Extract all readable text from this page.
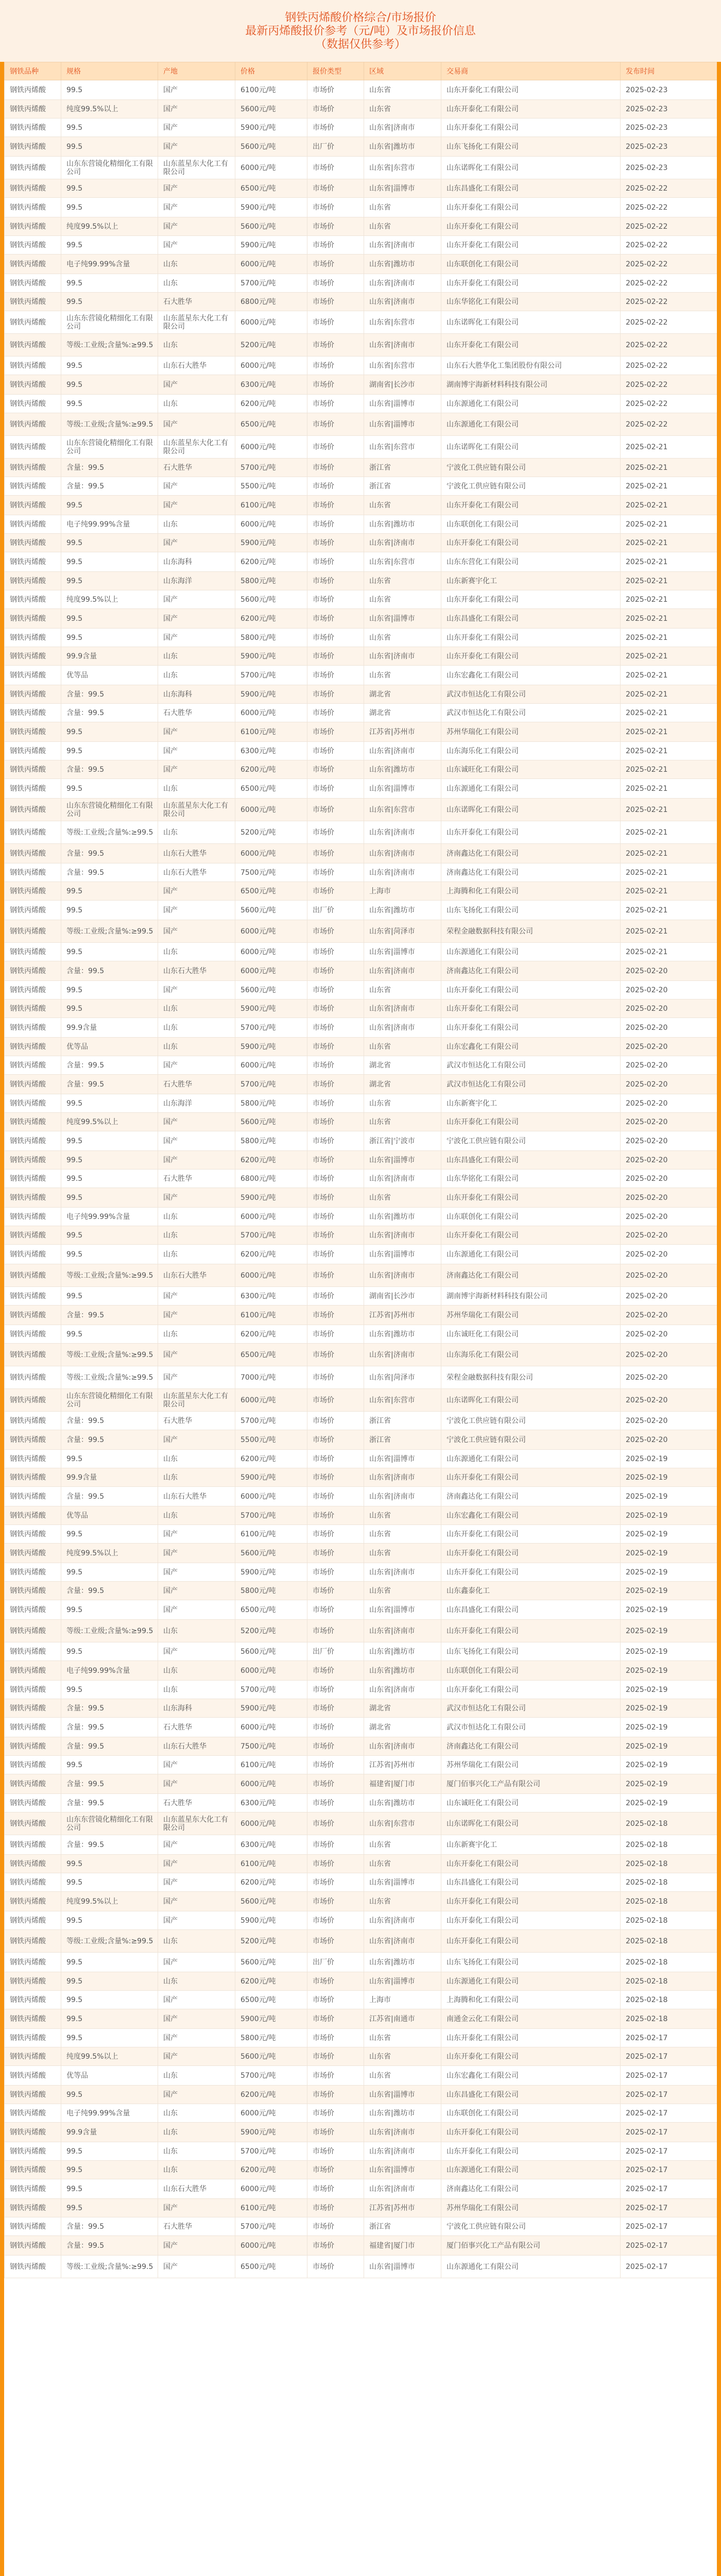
钢铁丙烯酸价格综合/市场报价
最新丙烯酸报价参考（元/吨）及市场报价信息
（数据仅供参考）
钢铁品种	规格	产地	价格	报价类型	区域	交易商	发布时间
钢铁丙烯酸	99.5	国产	6100元/吨	市场价	山东省	山东开泰化工有限公司	2025-02-23
钢铁丙烯酸	纯度99.5%以上	国产	5600元/吨	市场价	山东省	山东开泰化工有限公司	2025-02-23
钢铁丙烯酸	99.5	国产	5900元/吨	市场价	山东省|济南市	山东开泰化工有限公司	2025-02-23
钢铁丙烯酸	99.5	国产	5600元/吨	出厂价	山东省|潍坊市	山东飞扬化工有限公司	2025-02-23
钢铁丙烯酸	山东东营镜化精细化工有限公司	山东蓝星东大化工有限公司	6000元/吨	市场价	山东省|东营市	山东诺晖化工有限公司	2025-02-23
钢铁丙烯酸	99.5	国产	6500元/吨	市场价	山东省|淄博市	山东昌盛化工有限公司	2025-02-22
钢铁丙烯酸	99.5	国产	5900元/吨	市场价	山东省	山东开泰化工有限公司	2025-02-22
钢铁丙烯酸	纯度99.5%以上	国产	5600元/吨	市场价	山东省	山东开泰化工有限公司	2025-02-22
钢铁丙烯酸	99.5	国产	5900元/吨	市场价	山东省|济南市	山东开泰化工有限公司	2025-02-22
钢铁丙烯酸	电子纯99.99%含量	山东	6000元/吨	市场价	山东省|潍坊市	山东联创化工有限公司	2025-02-22
钢铁丙烯酸	99.5	山东	5700元/吨	市场价	山东省|济南市	山东开泰化工有限公司	2025-02-22
钢铁丙烯酸	99.5	石大胜华	6800元/吨	市场价	山东省|济南市	山东华铭化工有限公司	2025-02-22
钢铁丙烯酸	山东东营镜化精细化工有限公司	山东蓝星东大化工有限公司	6000元/吨	市场价	山东省|东营市	山东诺晖化工有限公司	2025-02-22
钢铁丙烯酸	等级:工业级;含量%:≥99.5	山东	5200元/吨	市场价	山东省|济南市	山东开泰化工有限公司	2025-02-22
钢铁丙烯酸	99.5	山东石大胜华	6000元/吨	市场价	山东省|东营市	山东石大胜华化工集团股份有限公司	2025-02-22
钢铁丙烯酸	99.5	国产	6300元/吨	市场价	湖南省|长沙市	湖南博宇海新材料科技有限公司	2025-02-22
钢铁丙烯酸	99.5	山东	6200元/吨	市场价	山东省|淄博市	山东源通化工有限公司	2025-02-22
钢铁丙烯酸	等级:工业级;含量%:≥99.5	国产	6500元/吨	市场价	山东省|淄博市	山东源通化工有限公司	2025-02-22
钢铁丙烯酸	山东东营镜化精细化工有限公司	山东蓝星东大化工有限公司	6000元/吨	市场价	山东省|东营市	山东诺晖化工有限公司	2025-02-21
钢铁丙烯酸	含量：99.5	石大胜华	5700元/吨	市场价	浙江省	宁波化工供应链有限公司	2025-02-21
钢铁丙烯酸	含量：99.5	国产	5500元/吨	市场价	浙江省	宁波化工供应链有限公司	2025-02-21
钢铁丙烯酸	99.5	国产	6100元/吨	市场价	山东省	山东开泰化工有限公司	2025-02-21
钢铁丙烯酸	电子纯99.99%含量	山东	6000元/吨	市场价	山东省|潍坊市	山东联创化工有限公司	2025-02-21
钢铁丙烯酸	99.5	国产	5900元/吨	市场价	山东省|济南市	山东开泰化工有限公司	2025-02-21
钢铁丙烯酸	99.5	山东海科	6200元/吨	市场价	山东省|东营市	山东东营化工有限公司	2025-02-21
钢铁丙烯酸	99.5	山东海洋	5800元/吨	市场价	山东省	山东新赛宇化工	2025-02-21
钢铁丙烯酸	纯度99.5%以上	国产	5600元/吨	市场价	山东省	山东开泰化工有限公司	2025-02-21
钢铁丙烯酸	99.5	国产	6200元/吨	市场价	山东省|淄博市	山东昌盛化工有限公司	2025-02-21
钢铁丙烯酸	99.5	国产	5800元/吨	市场价	山东省	山东开泰化工有限公司	2025-02-21
钢铁丙烯酸	99.9含量	山东	5900元/吨	市场价	山东省|济南市	山东开泰化工有限公司	2025-02-21
钢铁丙烯酸	优等品	山东	5700元/吨	市场价	山东省	山东宏鑫化工有限公司	2025-02-21
钢铁丙烯酸	含量：99.5	山东海科	5900元/吨	市场价	湖北省	武汉市恒达化工有限公司	2025-02-21
钢铁丙烯酸	含量：99.5	石大胜华	6000元/吨	市场价	湖北省	武汉市恒达化工有限公司	2025-02-21
钢铁丙烯酸	99.5	国产	6100元/吨	市场价	江苏省|苏州市	苏州华瑞化工有限公司	2025-02-21
钢铁丙烯酸	99.5	国产	6300元/吨	市场价	山东省|济南市	山东海乐化工有限公司	2025-02-21
钢铁丙烯酸	含量：99.5	国产	6200元/吨	市场价	山东省|潍坊市	山东诚旺化工有限公司	2025-02-21
钢铁丙烯酸	99.5	山东	6500元/吨	市场价	山东省|淄博市	山东源通化工有限公司	2025-02-21
钢铁丙烯酸	山东东营镜化精细化工有限公司	山东蓝星东大化工有限公司	6000元/吨	市场价	山东省|东营市	山东诺晖化工有限公司	2025-02-21
钢铁丙烯酸	等级:工业级;含量%:≥99.5	山东	5200元/吨	市场价	山东省|济南市	山东开泰化工有限公司	2025-02-21
钢铁丙烯酸	含量：99.5	山东石大胜华	6000元/吨	市场价	山东省|济南市	济南鑫达化工有限公司	2025-02-21
钢铁丙烯酸	含量：99.5	山东石大胜华	7500元/吨	市场价	山东省|济南市	济南鑫达化工有限公司	2025-02-21
钢铁丙烯酸	99.5	国产	6500元/吨	市场价	上海市	上海腾和化工有限公司	2025-02-21
钢铁丙烯酸	99.5	国产	5600元/吨	出厂价	山东省|潍坊市	山东飞扬化工有限公司	2025-02-21
钢铁丙烯酸	等级:工业级;含量%:≥99.5	国产	6000元/吨	市场价	山东省|菏泽市	荣程金融数据科技有限公司	2025-02-21
钢铁丙烯酸	99.5	山东	6000元/吨	市场价	山东省|淄博市	山东源通化工有限公司	2025-02-21
钢铁丙烯酸	含量：99.5	山东石大胜华	6000元/吨	市场价	山东省|济南市	济南鑫达化工有限公司	2025-02-20
钢铁丙烯酸	99.5	国产	5600元/吨	市场价	山东省	山东开泰化工有限公司	2025-02-20
钢铁丙烯酸	99.5	山东	5900元/吨	市场价	山东省|济南市	山东开泰化工有限公司	2025-02-20
钢铁丙烯酸	99.9含量	山东	5700元/吨	市场价	山东省|济南市	山东开泰化工有限公司	2025-02-20
钢铁丙烯酸	优等品	山东	5900元/吨	市场价	山东省	山东宏鑫化工有限公司	2025-02-20
钢铁丙烯酸	含量：99.5	国产	6000元/吨	市场价	湖北省	武汉市恒达化工有限公司	2025-02-20
钢铁丙烯酸	含量：99.5	石大胜华	5700元/吨	市场价	湖北省	武汉市恒达化工有限公司	2025-02-20
钢铁丙烯酸	99.5	山东海洋	5800元/吨	市场价	山东省	山东新赛宇化工	2025-02-20
钢铁丙烯酸	纯度99.5%以上	国产	5600元/吨	市场价	山东省	山东开泰化工有限公司	2025-02-20
钢铁丙烯酸	99.5	国产	5800元/吨	市场价	浙江省|宁波市	宁波化工供应链有限公司	2025-02-20
钢铁丙烯酸	99.5	国产	6200元/吨	市场价	山东省|淄博市	山东昌盛化工有限公司	2025-02-20
钢铁丙烯酸	99.5	石大胜华	6800元/吨	市场价	山东省|济南市	山东华铭化工有限公司	2025-02-20
钢铁丙烯酸	99.5	国产	5900元/吨	市场价	山东省	山东开泰化工有限公司	2025-02-20
钢铁丙烯酸	电子纯99.99%含量	山东	6000元/吨	市场价	山东省|潍坊市	山东联创化工有限公司	2025-02-20
钢铁丙烯酸	99.5	山东	5700元/吨	市场价	山东省|济南市	山东开泰化工有限公司	2025-02-20
钢铁丙烯酸	99.5	山东	6200元/吨	市场价	山东省|淄博市	山东源通化工有限公司	2025-02-20
钢铁丙烯酸	等级:工业级;含量%:≥99.5	山东石大胜华	6000元/吨	市场价	山东省|济南市	济南鑫达化工有限公司	2025-02-20
钢铁丙烯酸	99.5	国产	6300元/吨	市场价	湖南省|长沙市	湖南博宇海新材料科技有限公司	2025-02-20
钢铁丙烯酸	含量：99.5	国产	6100元/吨	市场价	江苏省|苏州市	苏州华瑞化工有限公司	2025-02-20
钢铁丙烯酸	99.5	山东	6200元/吨	市场价	山东省|潍坊市	山东诚旺化工有限公司	2025-02-20
钢铁丙烯酸	等级:工业级;含量%:≥99.5	国产	6500元/吨	市场价	山东省|济南市	山东海乐化工有限公司	2025-02-20
钢铁丙烯酸	等级:工业级;含量%:≥99.5	国产	7000元/吨	市场价	山东省|菏泽市	荣程金融数据科技有限公司	2025-02-20
钢铁丙烯酸	山东东营镜化精细化工有限公司	山东蓝星东大化工有限公司	6000元/吨	市场价	山东省|东营市	山东诺晖化工有限公司	2025-02-20
钢铁丙烯酸	含量：99.5	石大胜华	5700元/吨	市场价	浙江省	宁波化工供应链有限公司	2025-02-20
钢铁丙烯酸	含量：99.5	国产	5500元/吨	市场价	浙江省	宁波化工供应链有限公司	2025-02-20
钢铁丙烯酸	99.5	山东	6200元/吨	市场价	山东省|淄博市	山东源通化工有限公司	2025-02-19
钢铁丙烯酸	99.9含量	山东	5900元/吨	市场价	山东省|济南市	山东开泰化工有限公司	2025-02-19
钢铁丙烯酸	含量：99.5	山东石大胜华	6000元/吨	市场价	山东省|济南市	济南鑫达化工有限公司	2025-02-19
钢铁丙烯酸	优等品	山东	5700元/吨	市场价	山东省	山东宏鑫化工有限公司	2025-02-19
钢铁丙烯酸	99.5	国产	6100元/吨	市场价	山东省	山东开泰化工有限公司	2025-02-19
钢铁丙烯酸	纯度99.5%以上	国产	5600元/吨	市场价	山东省	山东开泰化工有限公司	2025-02-19
钢铁丙烯酸	99.5	国产	5900元/吨	市场价	山东省|济南市	山东开泰化工有限公司	2025-02-19
钢铁丙烯酸	含量：99.5	国产	5800元/吨	市场价	山东省	山东鑫泰化工	2025-02-19
钢铁丙烯酸	99.5	国产	6500元/吨	市场价	山东省|淄博市	山东昌盛化工有限公司	2025-02-19
钢铁丙烯酸	等级:工业级;含量%:≥99.5	山东	5200元/吨	市场价	山东省|济南市	山东开泰化工有限公司	2025-02-19
钢铁丙烯酸	99.5	国产	5600元/吨	出厂价	山东省|潍坊市	山东飞扬化工有限公司	2025-02-19
钢铁丙烯酸	电子纯99.99%含量	山东	6000元/吨	市场价	山东省|潍坊市	山东联创化工有限公司	2025-02-19
钢铁丙烯酸	99.5	山东	5700元/吨	市场价	山东省|济南市	山东开泰化工有限公司	2025-02-19
钢铁丙烯酸	含量：99.5	山东海科	5900元/吨	市场价	湖北省	武汉市恒达化工有限公司	2025-02-19
钢铁丙烯酸	含量：99.5	石大胜华	6000元/吨	市场价	湖北省	武汉市恒达化工有限公司	2025-02-19
钢铁丙烯酸	含量：99.5	山东石大胜华	7500元/吨	市场价	山东省|济南市	济南鑫达化工有限公司	2025-02-19
钢铁丙烯酸	99.5	国产	6100元/吨	市场价	江苏省|苏州市	苏州华瑞化工有限公司	2025-02-19
钢铁丙烯酸	含量：99.5	国产	6000元/吨	市场价	福建省|厦门市	厦门佰事兴化工产品有限公司	2025-02-19
钢铁丙烯酸	含量：99.5	石大胜华	6300元/吨	市场价	山东省|潍坊市	山东诚旺化工有限公司	2025-02-19
钢铁丙烯酸	山东东营镜化精细化工有限公司	山东蓝星东大化工有限公司	6000元/吨	市场价	山东省|东营市	山东诺晖化工有限公司	2025-02-18
钢铁丙烯酸	含量：99.5	国产	6300元/吨	市场价	山东省	山东新赛宇化工	2025-02-18
钢铁丙烯酸	99.5	国产	6100元/吨	市场价	山东省	山东开泰化工有限公司	2025-02-18
钢铁丙烯酸	99.5	国产	6200元/吨	市场价	山东省|淄博市	山东昌盛化工有限公司	2025-02-18
钢铁丙烯酸	纯度99.5%以上	国产	5600元/吨	市场价	山东省	山东开泰化工有限公司	2025-02-18
钢铁丙烯酸	99.5	国产	5900元/吨	市场价	山东省|济南市	山东开泰化工有限公司	2025-02-18
钢铁丙烯酸	等级:工业级;含量%:≥99.5	山东	5200元/吨	市场价	山东省|济南市	山东开泰化工有限公司	2025-02-18
钢铁丙烯酸	99.5	国产	5600元/吨	出厂价	山东省|潍坊市	山东飞扬化工有限公司	2025-02-18
钢铁丙烯酸	99.5	山东	6200元/吨	市场价	山东省|淄博市	山东源通化工有限公司	2025-02-18
钢铁丙烯酸	99.5	国产	6500元/吨	市场价	上海市	上海腾和化工有限公司	2025-02-18
钢铁丙烯酸	99.5	国产	5900元/吨	市场价	江苏省|南通市	南通金云化工有限公司	2025-02-18
钢铁丙烯酸	99.5	国产	5800元/吨	市场价	山东省	山东开泰化工有限公司	2025-02-17
钢铁丙烯酸	纯度99.5%以上	国产	5600元/吨	市场价	山东省	山东开泰化工有限公司	2025-02-17
钢铁丙烯酸	优等品	山东	5700元/吨	市场价	山东省	山东宏鑫化工有限公司	2025-02-17
钢铁丙烯酸	99.5	国产	6200元/吨	市场价	山东省|淄博市	山东昌盛化工有限公司	2025-02-17
钢铁丙烯酸	电子纯99.99%含量	山东	6000元/吨	市场价	山东省|潍坊市	山东联创化工有限公司	2025-02-17
钢铁丙烯酸	99.9含量	山东	5900元/吨	市场价	山东省|济南市	山东开泰化工有限公司	2025-02-17
钢铁丙烯酸	99.5	山东	5700元/吨	市场价	山东省|济南市	山东开泰化工有限公司	2025-02-17
钢铁丙烯酸	99.5	山东	6200元/吨	市场价	山东省|淄博市	山东源通化工有限公司	2025-02-17
钢铁丙烯酸	99.5	山东石大胜华	6000元/吨	市场价	山东省|济南市	济南鑫达化工有限公司	2025-02-17
钢铁丙烯酸	99.5	国产	6100元/吨	市场价	江苏省|苏州市	苏州华瑞化工有限公司	2025-02-17
钢铁丙烯酸	含量：99.5	石大胜华	5700元/吨	市场价	浙江省	宁波化工供应链有限公司	2025-02-17
钢铁丙烯酸	含量：99.5	国产	6000元/吨	市场价	福建省|厦门市	厦门佰事兴化工产品有限公司	2025-02-17
钢铁丙烯酸	等级:工业级;含量%:≥99.5	国产	6500元/吨	市场价	山东省|淄博市	山东源通化工有限公司	2025-02-17
